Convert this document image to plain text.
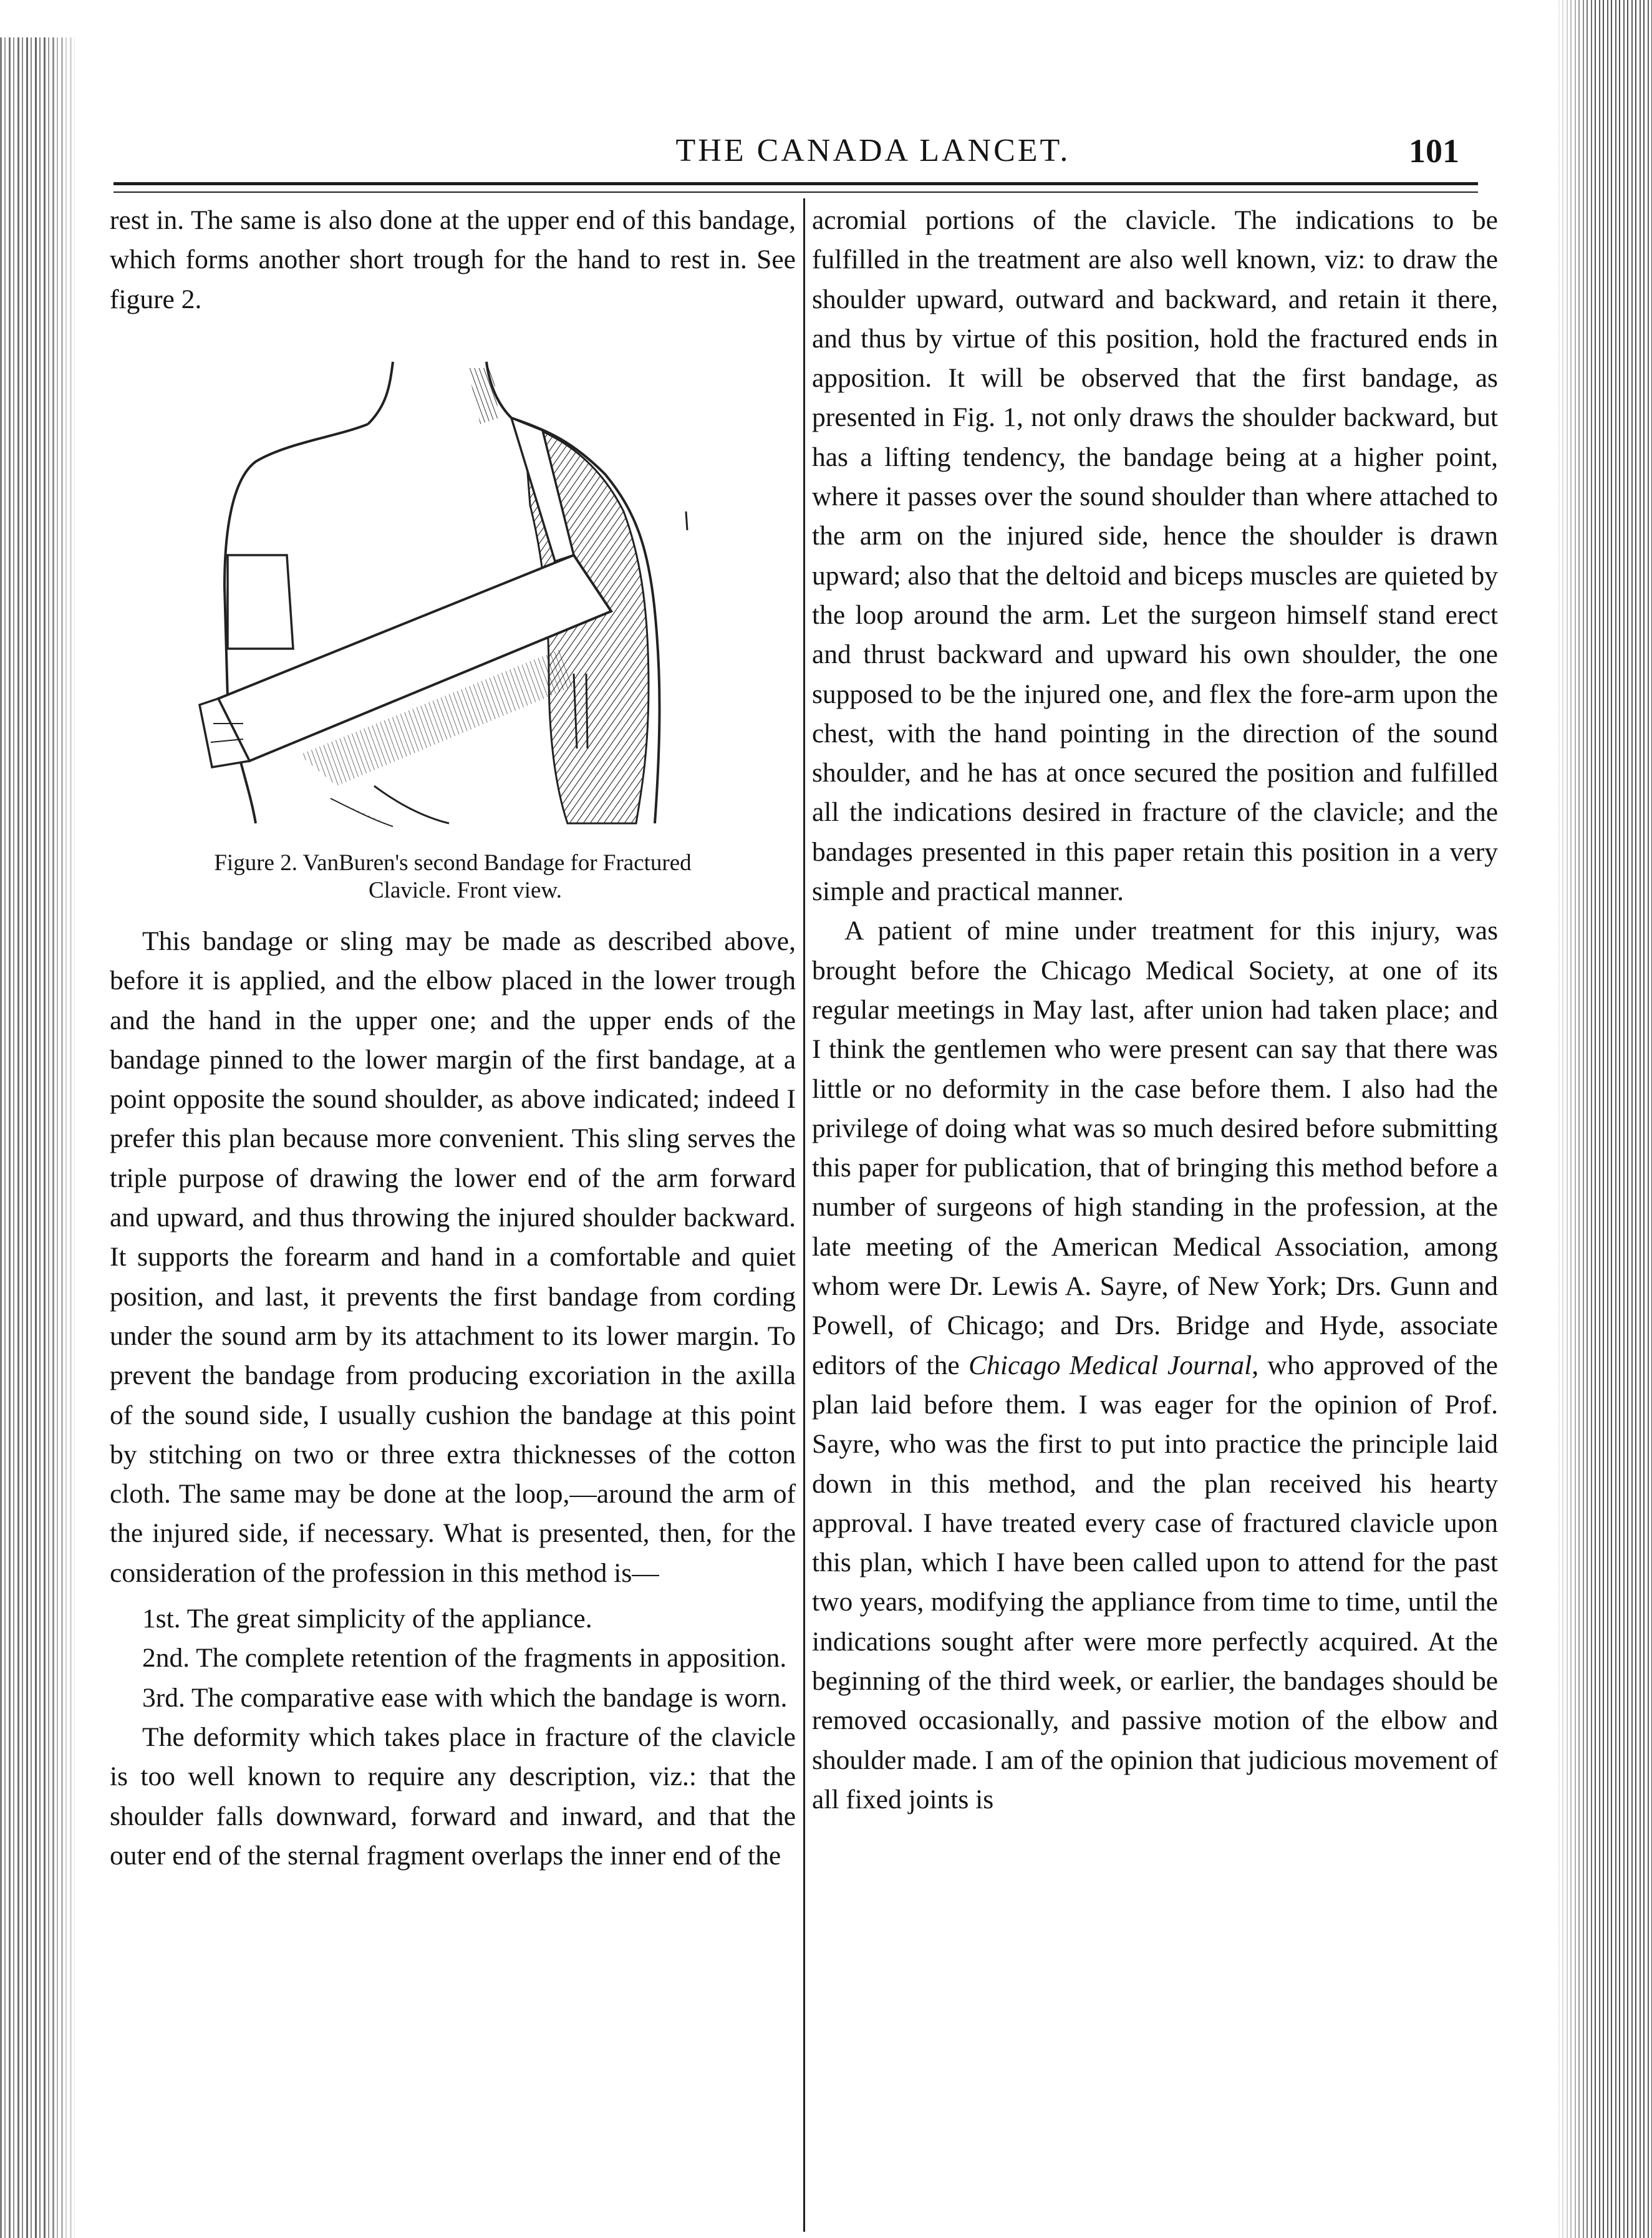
THE CANADA LANCET.	101

rest in. The same is also done at the upper end of this bandage, which forms another short trough for the hand to rest in. See figure 2.

Figure 2. VanBuren's second Bandage for Fractured
Clavicle. Front view.

This bandage or sling may be made as described above, before it is applied, and the elbow placed in the lower trough and the hand in the upper one; and the upper ends of the bandage pinned to the lower margin of the first bandage, at a point opposite the sound shoulder, as above indicated; indeed I prefer this plan because more convenient. This sling serves the triple purpose of drawing the lower end of the arm forward and upward, and thus throwing the injured shoulder backward. It supports the forearm and hand in a comfortable and quiet position, and last, it prevents the first bandage from cording under the sound arm by its attachment to its lower margin. To prevent the bandage from producing excoriation in the axilla of the sound side, I usually cushion the bandage at this point by stitching on two or three extra thicknesses of the cotton cloth. The same may be done at the loop,—around the arm of the injured side, if necessary. What is presented, then, for the consideration of the profession in this method is—

1st. The great simplicity of the appliance.

2nd. The complete retention of the fragments in apposition.

3rd. The comparative ease with which the bandage is worn.

The deformity which takes place in fracture of the clavicle is too well known to require any description, viz.: that the shoulder falls downward, forward and inward, and that the outer end of the sternal fragment overlaps the inner end of the

acromial portions of the clavicle. The indications to be fulfilled in the treatment are also well known, viz: to draw the shoulder upward, outward and backward, and retain it there, and thus by virtue of this position, hold the fractured ends in apposition. It will be observed that the first bandage, as presented in Fig. 1, not only draws the shoulder backward, but has a lifting tendency, the bandage being at a higher point, where it passes over the sound shoulder than where attached to the arm on the injured side, hence the shoulder is drawn upward; also that the deltoid and biceps muscles are quieted by the loop around the arm. Let the surgeon himself stand erect and thrust backward and upward his own shoulder, the one supposed to be the injured one, and flex the fore-arm upon the chest, with the hand pointing in the direction of the sound shoulder, and he has at once secured the position and fulfilled all the indications desired in fracture of the clavicle; and the bandages presented in this paper retain this position in a very simple and practical manner.

A patient of mine under treatment for this injury, was brought before the Chicago Medical Society, at one of its regular meetings in May last, after union had taken place; and I think the gentlemen who were present can say that there was little or no deformity in the case before them. I also had the privilege of doing what was so much desired before submitting this paper for publication, that of bringing this method before a number of surgeons of high standing in the profession, at the late meeting of the American Medical Association, among whom were Dr. Lewis A. Sayre, of New York; Drs. Gunn and Powell, of Chicago; and Drs. Bridge and Hyde, associate editors of the Chicago Medical Journal, who approved of the plan laid before them. I was eager for the opinion of Prof. Sayre, who was the first to put into practice the principle laid down in this method, and the plan received his hearty approval. I have treated every case of fractured clavicle upon this plan, which I have been called upon to attend for the past two years, modifying the appliance from time to time, until the indications sought after were more perfectly acquired. At the beginning of the third week, or earlier, the bandages should be removed occasionally, and passive motion of the elbow and shoulder made. I am of the opinion that judicious movement of all fixed joints is
